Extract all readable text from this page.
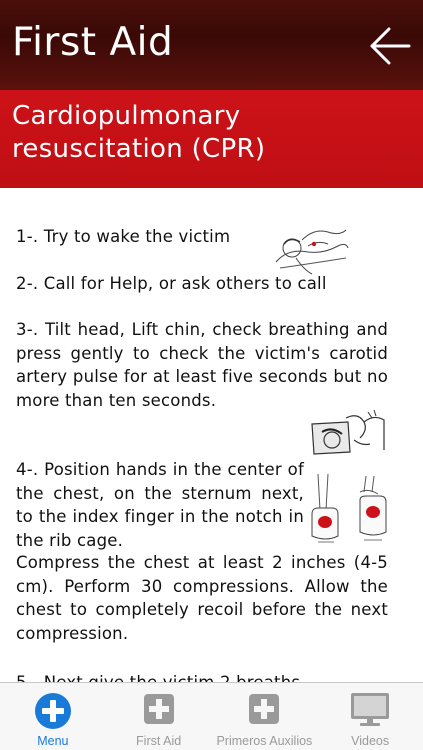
First Aid
Cardiopulmonary resuscitation (CPR)
1-. Try to wake the victim
2-. Call for Help, or ask others to call
3-. Tilt head, Lift chin, check breathing and press gently to check the victim's carotid artery pulse for at least five seconds but no more than ten seconds.
4-. Position hands in the center of the chest, on the sternum next, to the index finger in the notch in the rib cage.
Compress the chest at least 2 inches (4-5 cm). Perform 30 compressions. Allow the chest to completely recoil before the next compression.
Menu	First Aid	Primeros Auxilios	Videos
